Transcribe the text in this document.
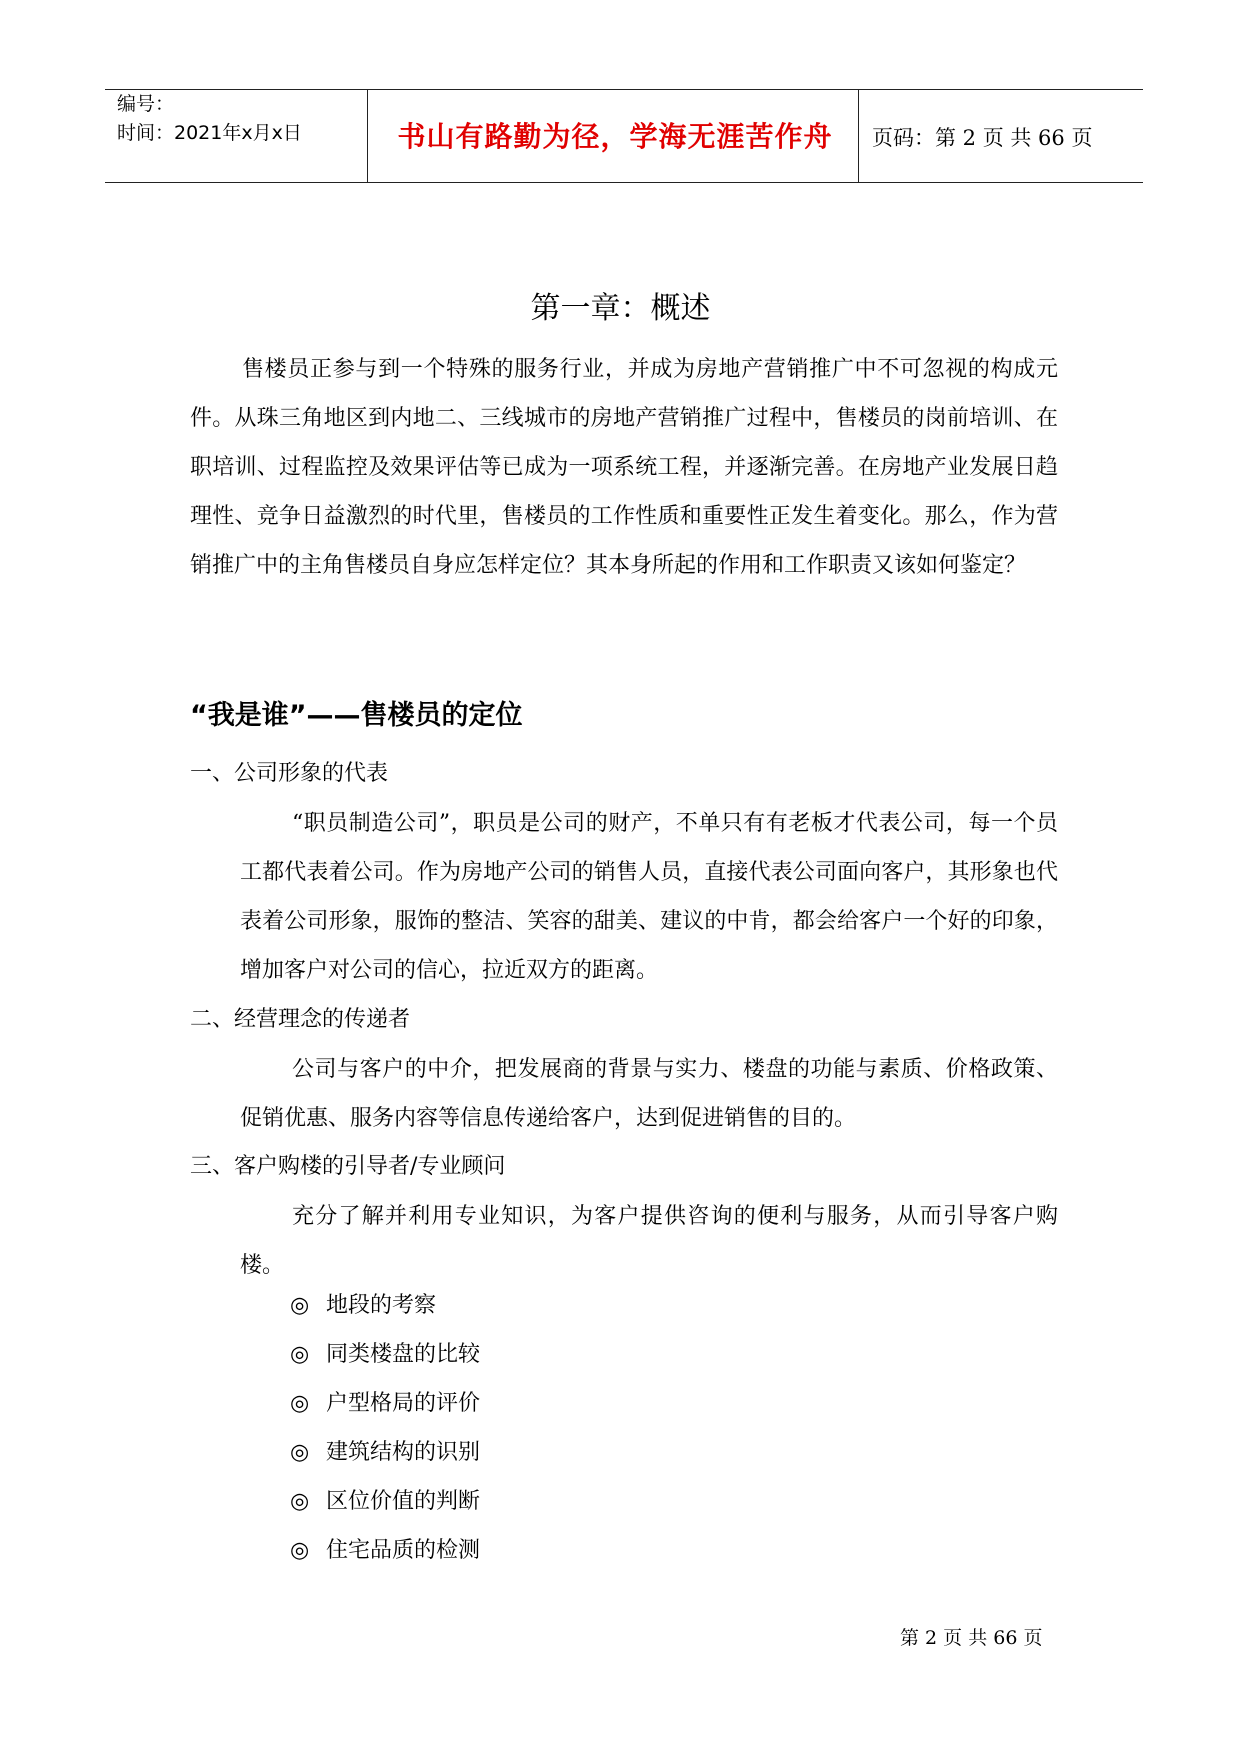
编号：
时间：2021年x月x日	书山有路勤为径，学海无涯苦作舟	页码：第 2 页 共 66 页
第一章：概述

售楼员正参与到一个特殊的服务行业，并成为房地产营销推广中不可忽视的构成元件。从珠三角地区到内地二、三线城市的房地产营销推广过程中，售楼员的岗前培训、在职培训、过程监控及效果评估等已成为一项系统工程，并逐渐完善。在房地产业发展日趋理性、竞争日益激烈的时代里，售楼员的工作性质和重要性正发生着变化。那么，作为营销推广中的主角售楼员自身应怎样定位？其本身所起的作用和工作职责又该如何鉴定？

“我是谁”——售楼员的定位
一、公司形象的代表

“职员制造公司”，职员是公司的财产，不单只有有老板才代表公司，每一个员工都代表着公司。作为房地产公司的销售人员，直接代表公司面向客户，其形象也代表着公司形象，服饰的整洁、笑容的甜美、建议的中肯，都会给客户一个好的印象，增加客户对公司的信心，拉近双方的距离。

二、经营理念的传递者

公司与客户的中介，把发展商的背景与实力、楼盘的功能与素质、价格政策、促销优惠、服务内容等信息传递给客户，达到促进销售的目的。

三、客户购楼的引导者/专业顾问

充分了解并利用专业知识，为客户提供咨询的便利与服务，从而引导客户购楼。

◎ 地段的考察
◎ 同类楼盘的比较
◎ 户型格局的评价
◎ 建筑结构的识别
◎ 区位价值的判断
◎ 住宅品质的检测
第 2 页 共 66 页
